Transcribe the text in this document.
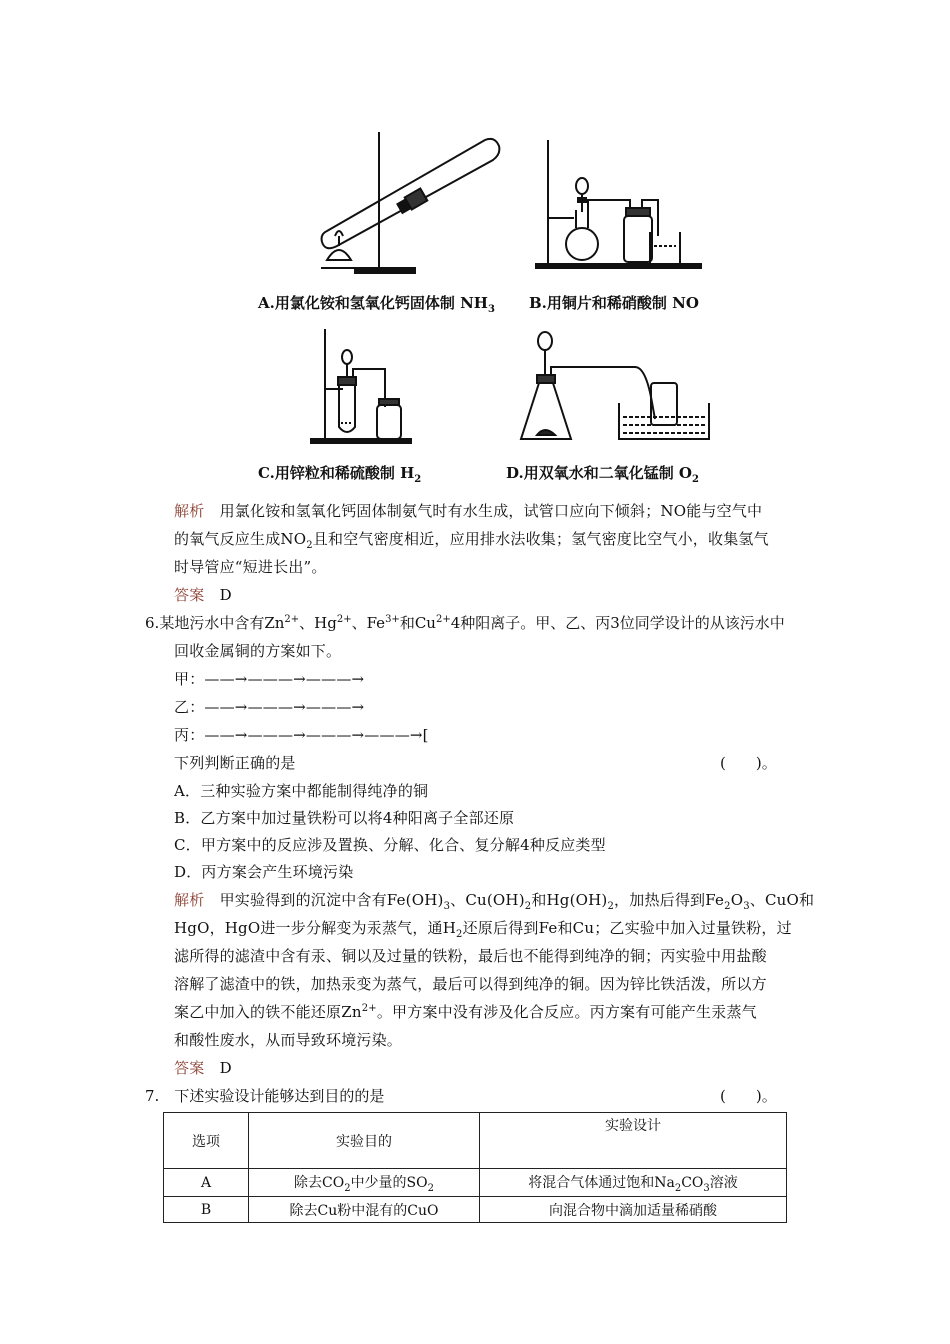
A.用氯化铵和氢氧化钙固体制 $NH_3$ B.用铜片和稀硝酸制 NO
C.用锌粒和稀硫酸制 $H_2$	D.用双氧水和二氧化锰制 $O_2$
解析　 用氯化铵和氢氧化钙固体制氨气时有水生成，试管口应向下倾斜；NO能与空气中
的氧气反应生成$NO_2$且和空气密度相近，应用排水法收集；氢气密度比空气小，收集氢气
时导管应“短进长出”。
答案　 D
6.某地污水中含有$Zn^{2+}$、$Hg^{2+}$、$Fe^{3+}$和$Cu^{2+}4$种阳离子。甲、乙、丙3位同学设计的从该污水中
回收金属铜的方案如下。
甲：——→———→———→
乙：——→———→———→
丙：——→———→———→———→[
下列判断正确的是	(　　)。
A．三种实验方案中都能制得纯净的铜
B．乙方案中加过量铁粉可以将4种阳离子全部还原
C．甲方案中的反应涉及置换、分解、化合、复分解4种反应类型
D．丙方案会产生环境污染
解析　 甲实验得到的沉淀中含有$Fe(OH)_3$、$Cu(OH)_2$和$Hg(OH)_2$，加热后得到$Fe_2O_3$、CuO和
HgO，HgO进一步分解变为汞蒸气，通$H_2$还原后得到Fe和Cu；乙实验中加入过量铁粉，过
滤所得的滤渣中含有汞、铜以及过量的铁粉，最后也不能得到纯净的铜；丙实验中用盐酸
溶解了滤渣中的铁，加热汞变为蒸气，最后可以得到纯净的铜。因为锌比铁活泼，所以方
案乙中加入的铁不能还原$Zn^{2+}$。甲方案中没有涉及化合反应。丙方案有可能产生汞蒸气
和酸性废水，从而导致环境污染。
答案　 D
7.　 下述实验设计能够达到目的的是	(　　)。
选项	实验目的	实验设计
A	除去$CO_2$中少量的$SO_2$	将混合气体通过饱和$Na_2CO_3$溶液
B	除去Cu粉中混有的CuO	向混合物中滴加适量稀硝酸
